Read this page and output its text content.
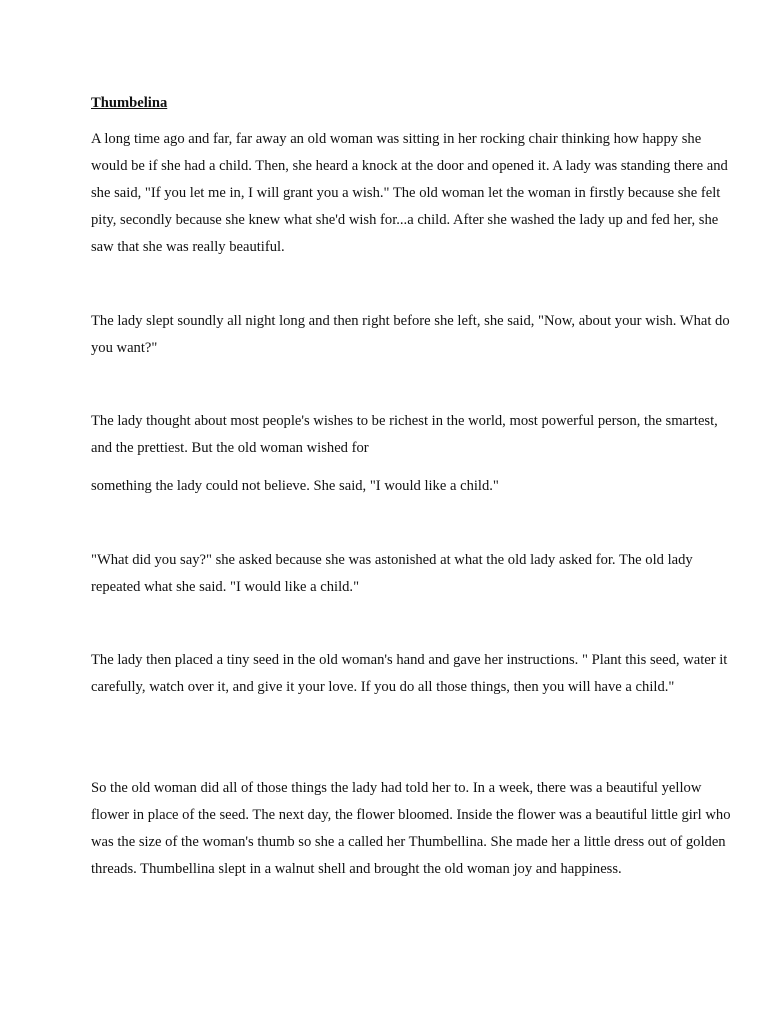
Thumbelina

A long time ago and far, far away an old woman was sitting in her rocking chair thinking how happy she would be if she had a child. Then, she heard a knock at the door and opened it. A lady was standing there and she said, "If you let me in, I will grant you a wish." The old woman let the woman in firstly because she felt pity, secondly because she knew what she'd wish for...a child. After she washed the lady up and fed her, she saw that she was really beautiful.

The lady slept soundly all night long and then right before she left, she said, "Now, about your wish. What do you want?"

The lady thought about most people's wishes to be richest in the world, most powerful person, the smartest, and the prettiest. But the old woman wished for

something the lady could not believe. She said, "I would like a child."

"What did you say?" she asked because she was astonished at what the old lady asked for. The old lady repeated what she said. "I would like a child."

The lady then placed a tiny seed in the old woman's hand and gave her instructions. " Plant this seed, water it carefully, watch over it, and give it your love. If you do all those things, then you will have a child."

So the old woman did all of those things the lady had told her to. In a week, there was a beautiful yellow flower in place of the seed. The next day, the flower bloomed. Inside the flower was a beautiful little girl who was the size of the woman's thumb so she a called her Thumbellina. She made her a little dress out of golden threads. Thumbellina slept in a walnut shell and brought the old woman joy and happiness.
